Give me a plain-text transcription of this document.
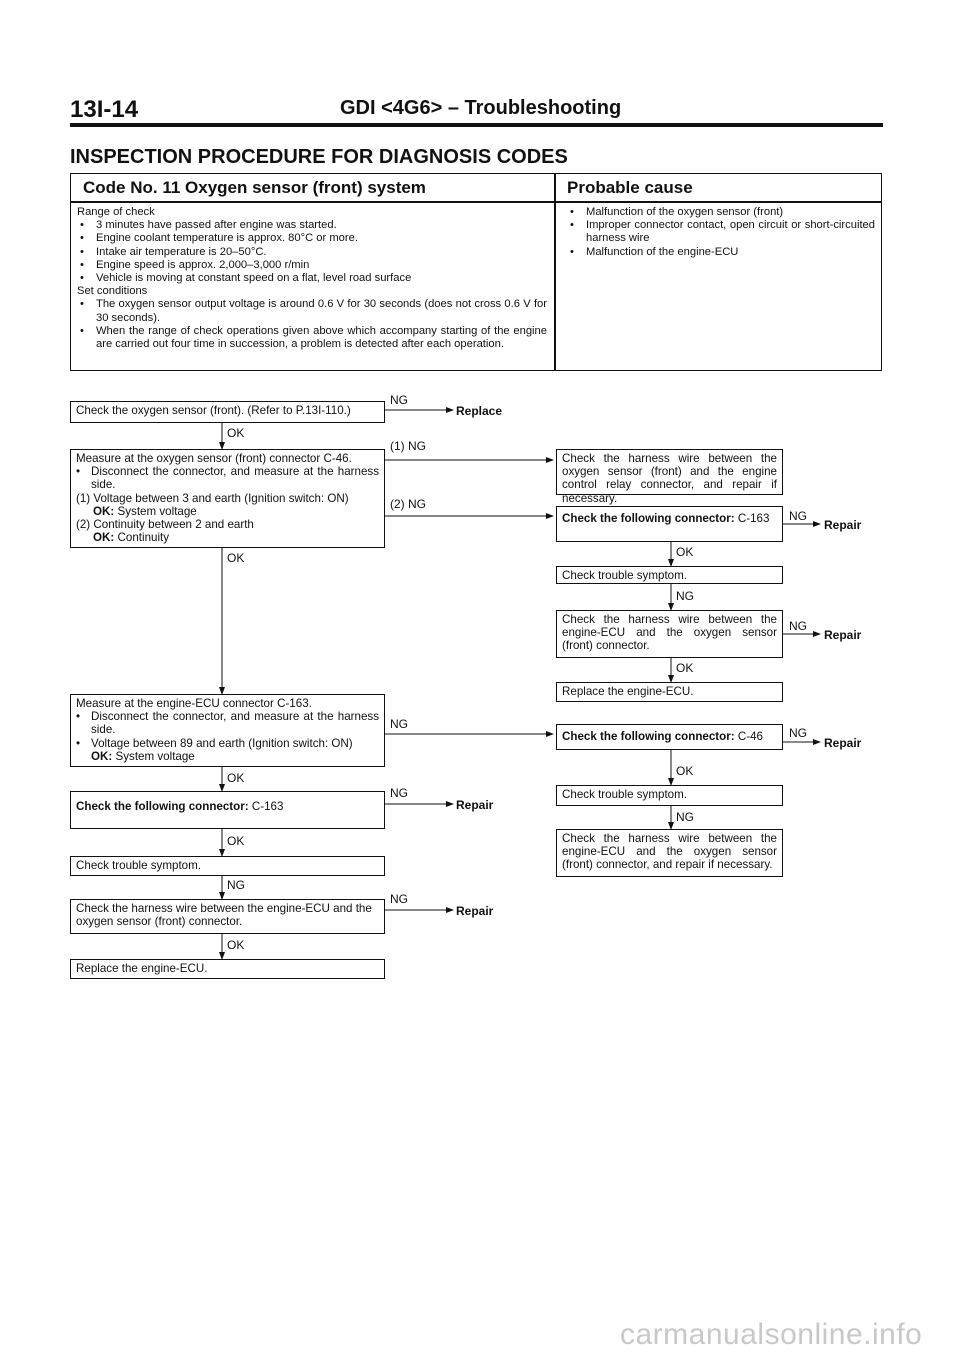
13I-14	GDI <4G6> – Troubleshooting
INSPECTION PROCEDURE FOR DIAGNOSIS CODES
Code No. 11 Oxygen sensor (front) system	Probable cause
Range of check
•	3 minutes have passed after engine was started.
•	Engine coolant temperature is approx. 80°C or more.
•	Intake air temperature is 20–50°C.
•	Engine speed is approx. 2,000–3,000 r/min
•	Vehicle is moving at constant speed on a flat, level road surface
Set conditions
•	The oxygen sensor output voltage is around 0.6 V for 30 seconds (does not cross 0.6 V for 30 seconds).
•	When the range of check operations given above which accompany starting of the engine are carried out four time in succession, a problem is detected after each operation.
•	Malfunction of the oxygen sensor (front)
•	Improper connector contact, open circuit or short-circuited harness wire
•	Malfunction of the engine-ECU
Check the oxygen sensor (front). (Refer to P.13I-110.)
Measure at the oxygen sensor (front) connector C-46.
• Disconnect the connector, and measure at the harness side.
(1) Voltage between 3 and earth (Ignition switch: ON)
OK: System voltage
(2) Continuity between 2 and earth
OK: Continuity
Measure at the engine-ECU connector C-163.
• Disconnect the connector, and measure at the harness side.
• Voltage between 89 and earth (Ignition switch: ON)
OK: System voltage
Check the following connector: C-163
Check trouble symptom.
Check the harness wire between the engine-ECU and the oxygen sensor (front) connector.
Replace the engine-ECU.
Check the harness wire between the oxygen sensor (front) and the engine control relay connector, and repair if necessary.
Check the following connector: C-163
Check trouble symptom.
Check the harness wire between the engine-ECU and the oxygen sensor (front) connector.
Replace the engine-ECU.
Check the following connector: C-46
Check trouble symptom.
Check the harness wire between the engine-ECU and the oxygen sensor (front) connector, and repair if necessary.
NG
Replace
OK
(1) NG
(2) NG
OK
NG
OK
NG
Repair
OK
NG
NG
Repair
OK
NG
Repair
OK
NG
NG
Repair
OK
NG
Repair
OK
NG
carmanualsonline.info
